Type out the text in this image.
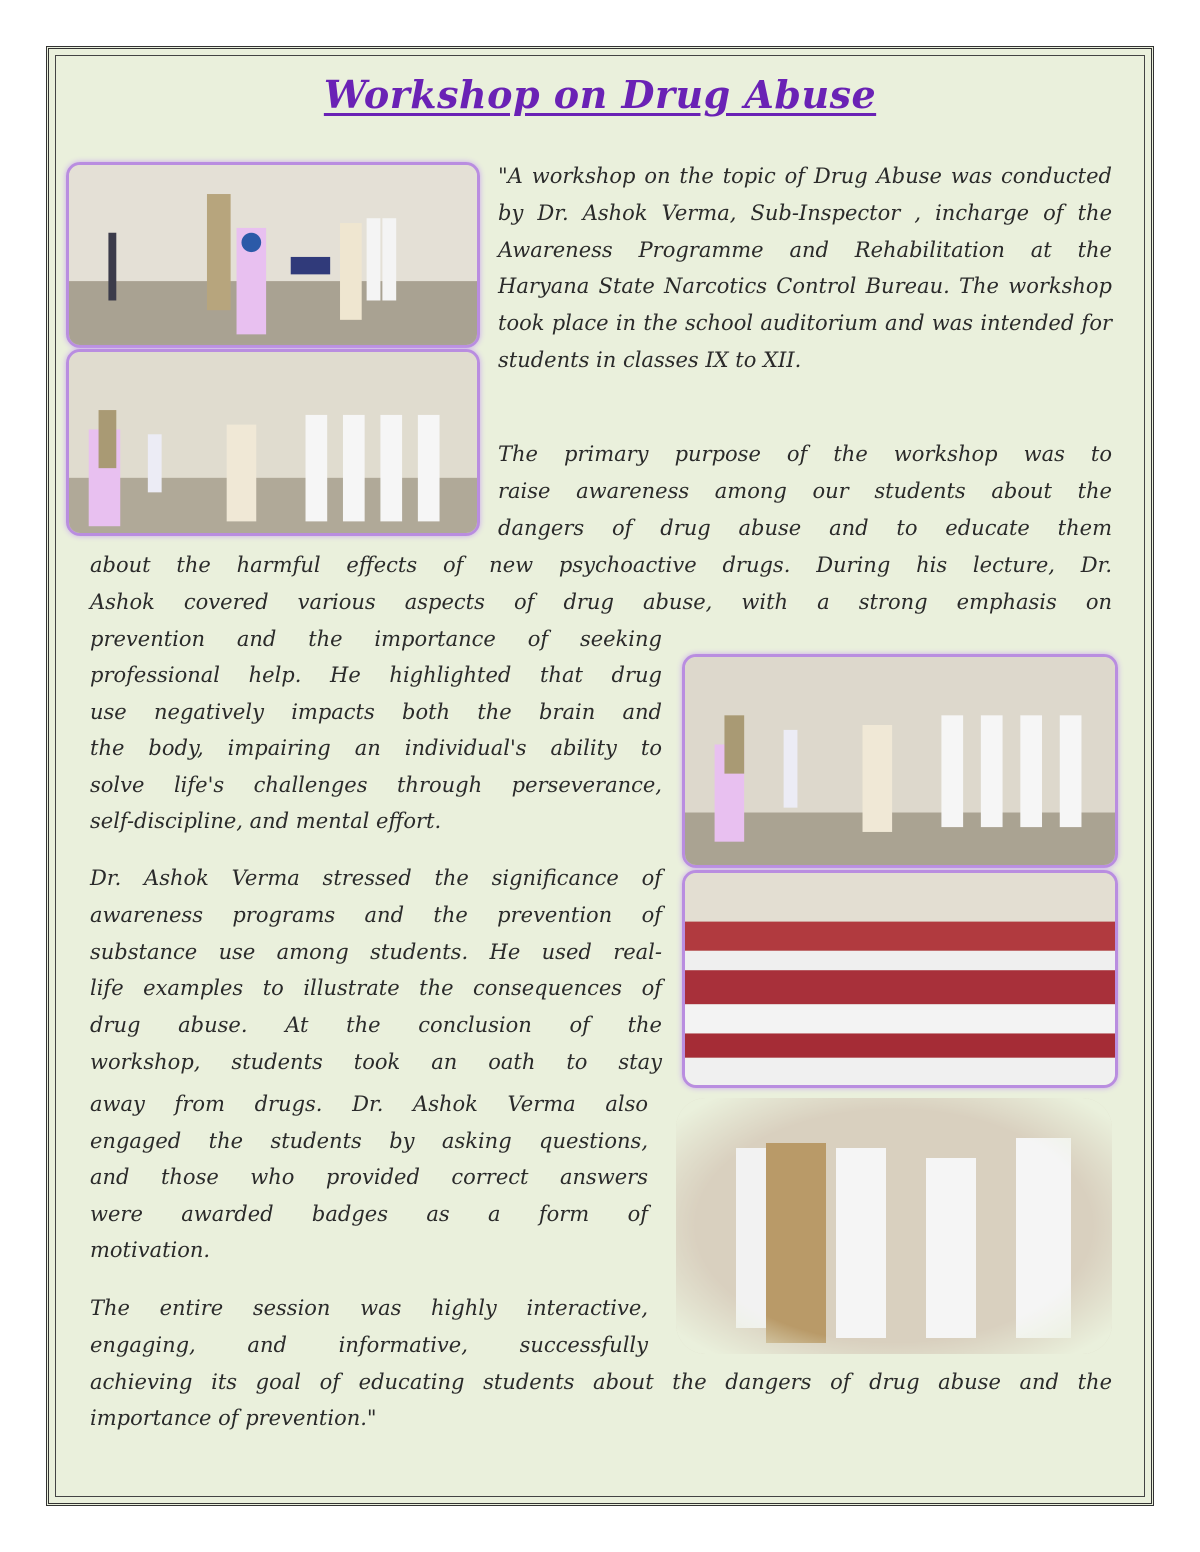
Workshop on Drug Abuse

"A workshop on the topic of Drug Abuse was conducted by Dr. Ashok Verma, Sub-Inspector , incharge of the Awareness Programme and Rehabilitation at the Haryana State Narcotics Control Bureau. The workshop took place in the school auditorium and was intended for students in classes IX to XII.

The primary purpose of the workshop was to
raise awareness among our students about the
dangers of drug abuse and to educate them
about the harmful effects of new psychoactive drugs. During his lecture, Dr.
Ashok covered various aspects of drug abuse, with a strong emphasis on
prevention and the importance of seeking
professional help. He highlighted that drug
use negatively impacts both the brain and
the body, impairing an individual's ability to
solve life's challenges through perseverance,
self-discipline, and mental effort.
Dr. Ashok Verma stressed the significance of
awareness programs and the prevention of
substance use among students. He used real-
life examples to illustrate the consequences of
drug abuse. At the conclusion of the
workshop, students took an oath to stay
away from drugs. Dr. Ashok Verma also
engaged the students by asking questions,
and those who provided correct answers
were awarded badges as a form of
motivation.
The entire session was highly interactive,
engaging, and informative, successfully
achieving its goal of educating students about the dangers of drug abuse and the
importance of prevention."
